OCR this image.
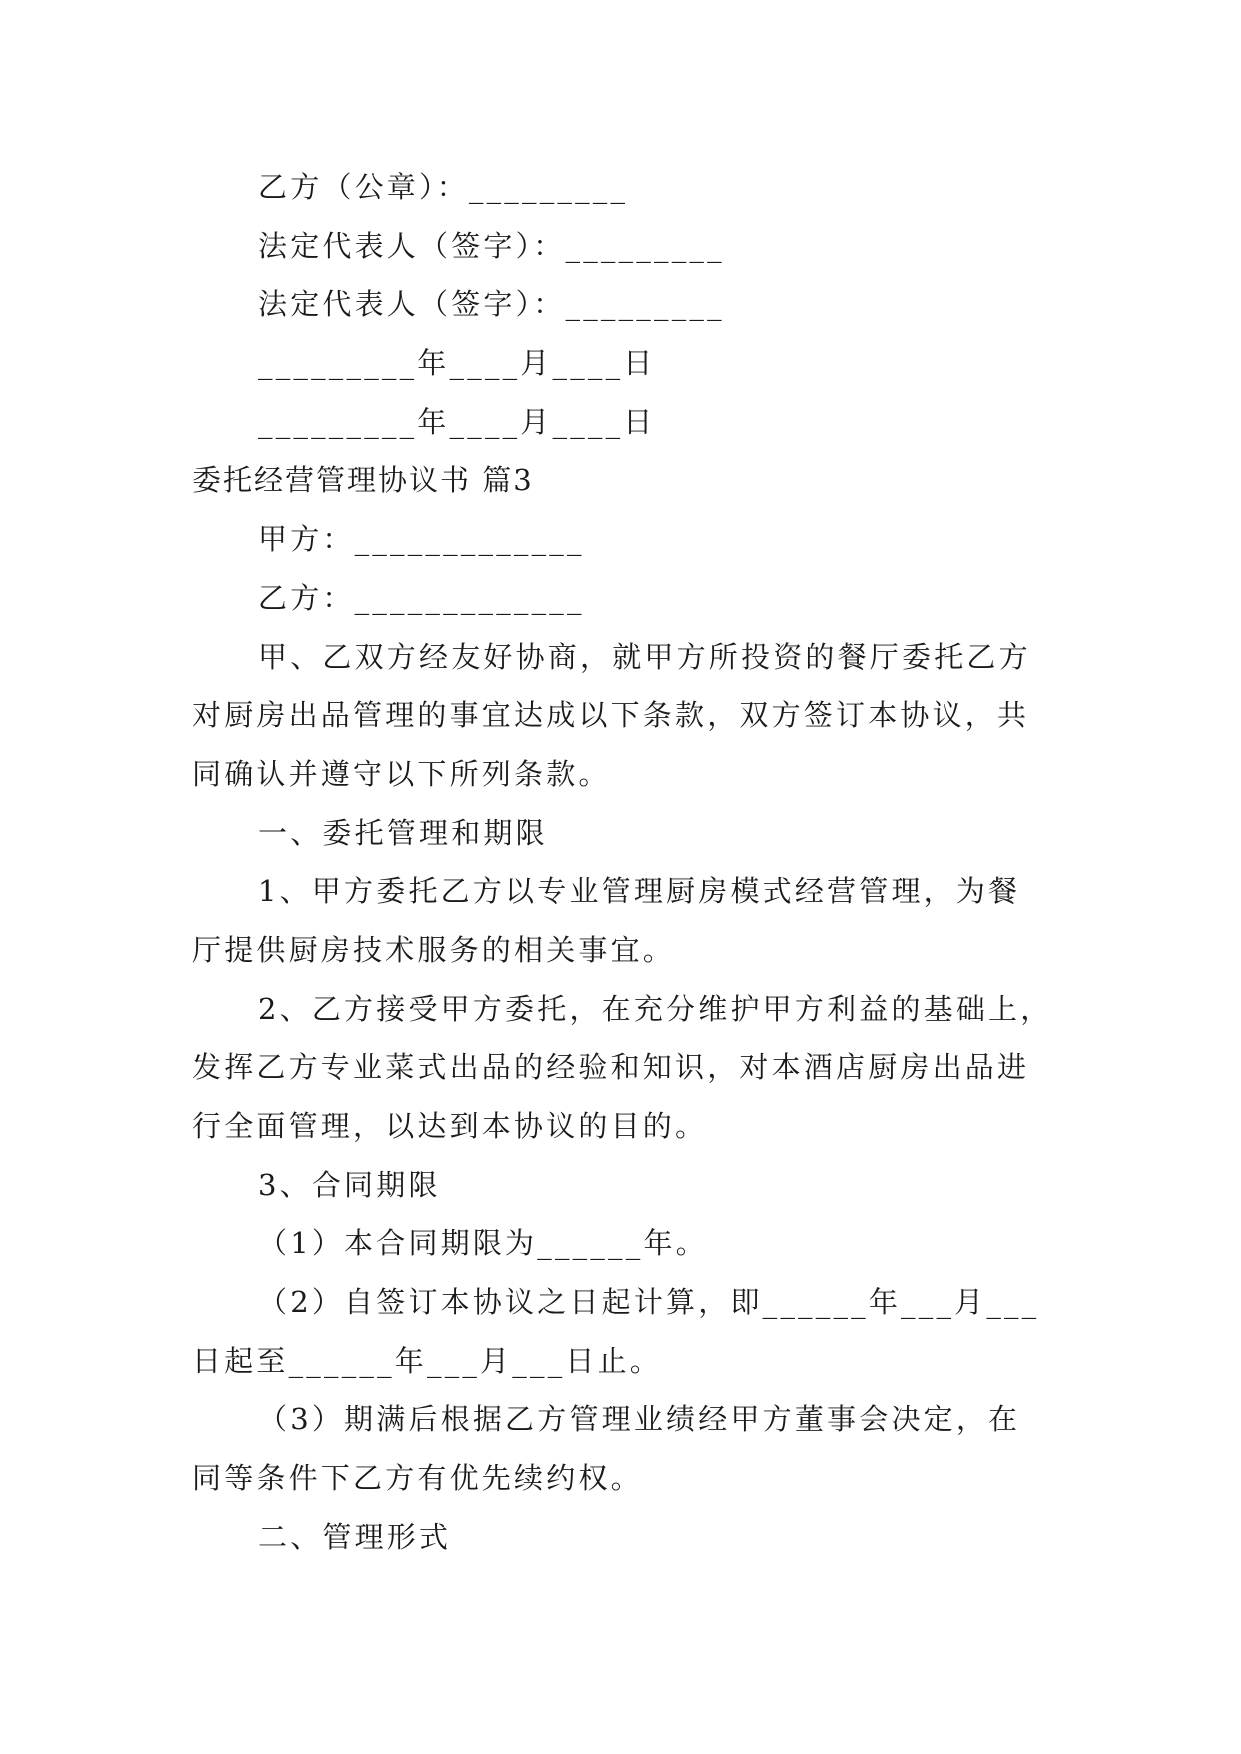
乙方（公章）：_________
法定代表人（签字）：_________
法定代表人（签字）：_________
_________年____月____日
_________年____月____日
委托经营管理协议书 篇3
甲方：_____________
乙方：_____________
甲、乙双方经友好协商，就甲方所投资的餐厅委托乙方
对厨房出品管理的事宜达成以下条款，双方签订本协议，共
同确认并遵守以下所列条款。
一、委托管理和期限
1、甲方委托乙方以专业管理厨房模式经营管理，为餐
厅提供厨房技术服务的相关事宜。
2、乙方接受甲方委托，在充分维护甲方利益的基础上，
发挥乙方专业菜式出品的经验和知识，对本酒店厨房出品进
行全面管理，以达到本协议的目的。
3、合同期限
（1）本合同期限为______年。
（2）自签订本协议之日起计算，即______年___月___
日起至______年___月___日止。
（3）期满后根据乙方管理业绩经甲方董事会决定，在
同等条件下乙方有优先续约权。
二、管理形式
